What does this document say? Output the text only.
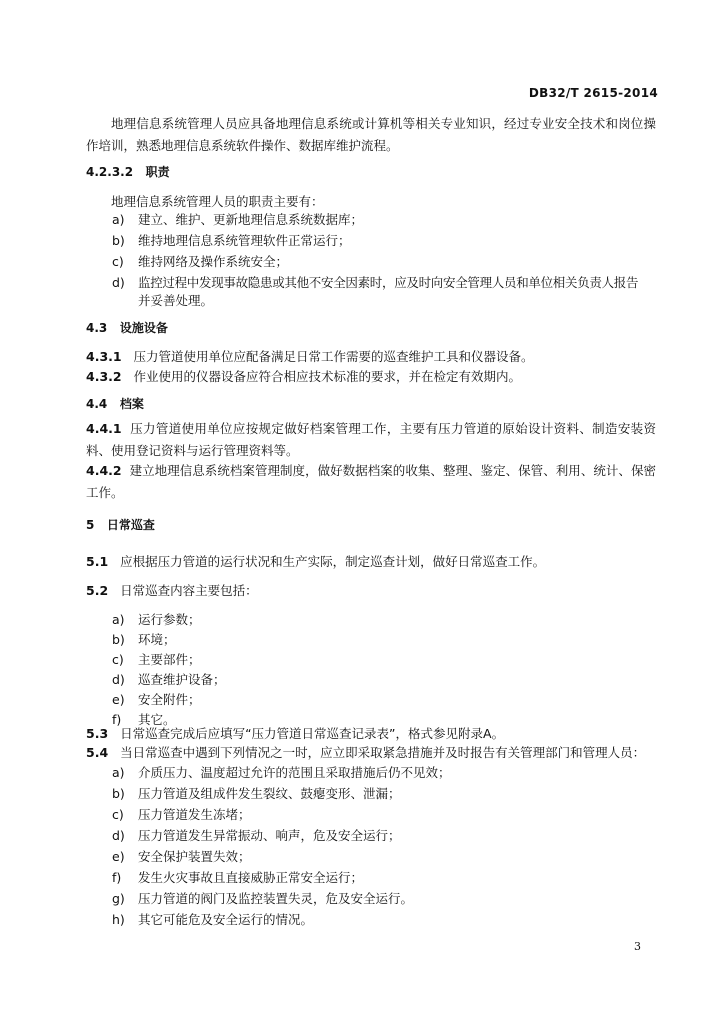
DB32/T 2615-2014
地理信息系统管理人员应具备地理信息系统或计算机等相关专业知识，经过专业安全技术和岗位操作培训，熟悉地理信息系统软件操作、数据库维护流程。
4.2.3.2 职责
地理信息系统管理人员的职责主要有：
a)	建立、维护、更新地理信息系统数据库；
b)	维持地理信息系统管理软件正常运行；
c)	维持网络及操作系统安全；
d)	监控过程中发现事故隐患或其他不安全因素时，应及时向安全管理人员和单位相关负责人报告
并妥善处理。
4.3 设施设备
4.3.1 压力管道使用单位应配备满足日常工作需要的巡查维护工具和仪器设备。
4.3.2 作业使用的仪器设备应符合相应技术标准的要求，并在检定有效期内。
4.4 档案
4.4.1 压力管道使用单位应按规定做好档案管理工作，主要有压力管道的原始设计资料、制造安装资料、使用登记资料与运行管理资料等。
4.4.2 建立地理信息系统档案管理制度，做好数据档案的收集、整理、鉴定、保管、利用、统计、保密工作。
5 日常巡查
5.1 应根据压力管道的运行状况和生产实际，制定巡查计划，做好日常巡查工作。
5.2 日常巡查内容主要包括：
a)	运行参数；
b)	环境；
c)	主要部件；
d)	巡查维护设备；
e)	安全附件；
f)	其它。
5.3 日常巡查完成后应填写“压力管道日常巡查记录表”，格式参见附录A。
5.4 当日常巡查中遇到下列情况之一时，应立即采取紧急措施并及时报告有关管理部门和管理人员：
a)	介质压力、温度超过允许的范围且采取措施后仍不见效；
b)	压力管道及组成件发生裂纹、鼓瘪变形、泄漏；
c)	压力管道发生冻堵；
d)	压力管道发生异常振动、响声，危及安全运行；
e)	安全保护装置失效；
f)	发生火灾事故且直接威胁正常安全运行；
g)	压力管道的阀门及监控装置失灵，危及安全运行。
h)	其它可能危及安全运行的情况。
3
